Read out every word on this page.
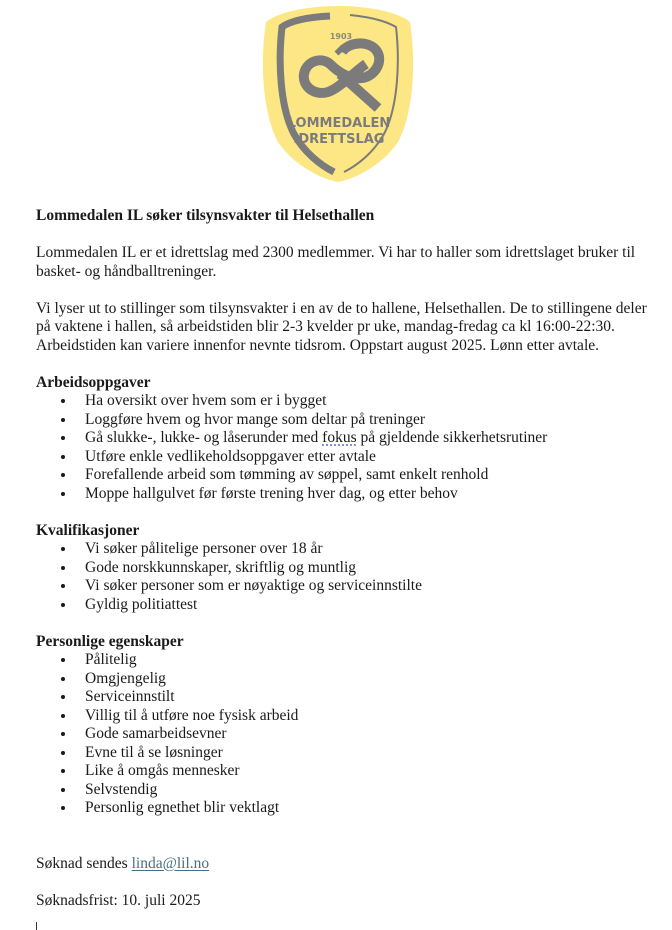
1903
LOMMEDALEN
IDRETTSLAG

Lommedalen IL søker tilsynsvakter til Helsethallen

Lommedalen IL er et idrettslag med 2300 medlemmer. Vi har to haller som idrettslaget bruker til basket- og håndballtreninger.

Vi lyser ut to stillinger som tilsynsvakter i en av de to hallene, Helsethallen. De to stillingene deler på vaktene i hallen, så arbeidstiden blir 2-3 kvelder pr uke, mandag-fredag ca kl 16:00-22:30. Arbeidstiden kan variere innenfor nevnte tidsrom. Oppstart august 2025. Lønn etter avtale.

Arbeidsoppgaver

Ha oversikt over hvem som er i bygget
Loggføre hvem og hvor mange som deltar på treninger
Gå slukke-, lukke- og låserunder med fokus på gjeldende sikkerhetsrutiner
Utføre enkle vedlikeholdsoppgaver etter avtale
Forefallende arbeid som tømming av søppel, samt enkelt renhold
Moppe hallgulvet før første trening hver dag, og etter behov

Kvalifikasjoner

Vi søker pålitelige personer over 18 år
Gode norskkunnskaper, skriftlig og muntlig
Vi søker personer som er nøyaktige og serviceinnstilte
Gyldig politiattest

Personlige egenskaper

Pålitelig
Omgjengelig
Serviceinnstilt
Villig til å utføre noe fysisk arbeid
Gode samarbeidsevner
Evne til å se løsninger
Like å omgås mennesker
Selvstendig
Personlig egnethet blir vektlagt

Søknad sendes linda@lil.no

Søknadsfrist: 10. juli 2025
